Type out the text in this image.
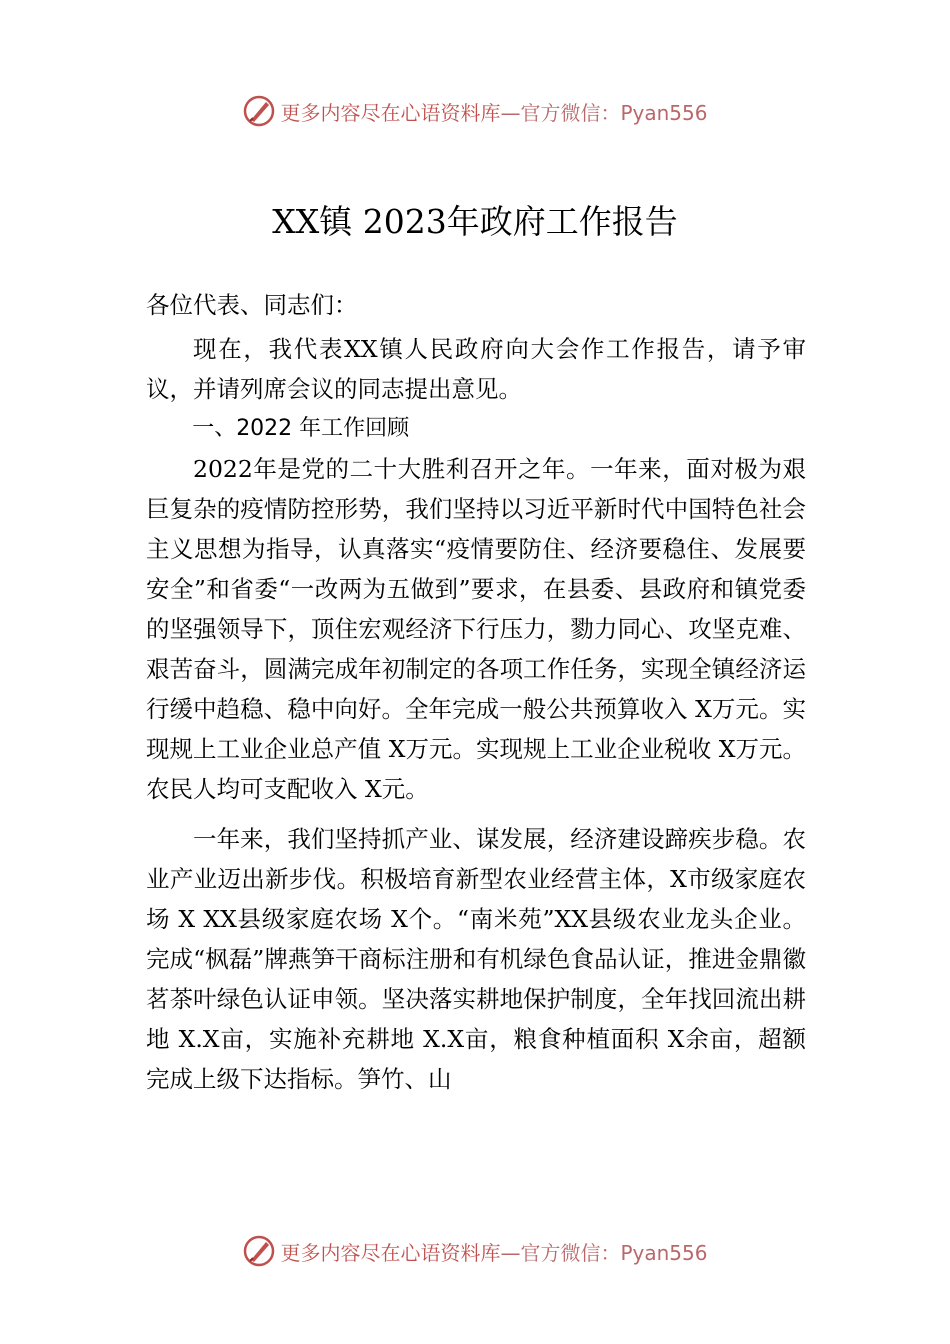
更多内容尽在心语资料库 —官方微信：Pyan556
XX镇 2023年政府工作报告

各位代表、同志们：

现在，我代表XX镇人民政府向大会作工作报告，请予审议，并请列席会议的同志提出意见。

一、2022 年工作回顾

2022年是党的二十大胜利召开之年。一年来，面对极为艰巨复杂的疫情防控形势，我们坚持以习近平新时代中国特色社会主义思想为指导，认真落实“疫情要防住、经济要稳住、发展要安全”和省委“一改两为五做到”要求，在县委、县政府和镇党委的坚强领导下，顶住宏观经济下行压力，勠力同心、攻坚克难、艰苦奋斗，圆满完成年初制定的各项工作任务，实现全镇经济运行缓中趋稳、稳中向好。全年完成一般公共预算收入 X万元。实现规上工业企业总产值 X万元。实现规上工业企业税收 X万元。农民人均可支配收入 X元。

一年来，我们坚持抓产业、谋发展，经济建设蹄疾步稳。农业产业迈出新步伐。积极培育新型农业经营主体，X市级家庭农场 X XX县级家庭农场 X个。“南米苑”XX县级农业龙头企业。完成“枫磊”牌燕笋干商标注册和有机绿色食品认证，推进金鼎徽茗茶叶绿色认证申领。坚决落实耕地保护制度，全年找回流出耕地 X.X亩，实施补充耕地 X.X亩，粮食种植面积 X余亩，超额完成上级下达指标。笋竹、山

更多内容尽在心语资料库 —官方微信：Pyan556
